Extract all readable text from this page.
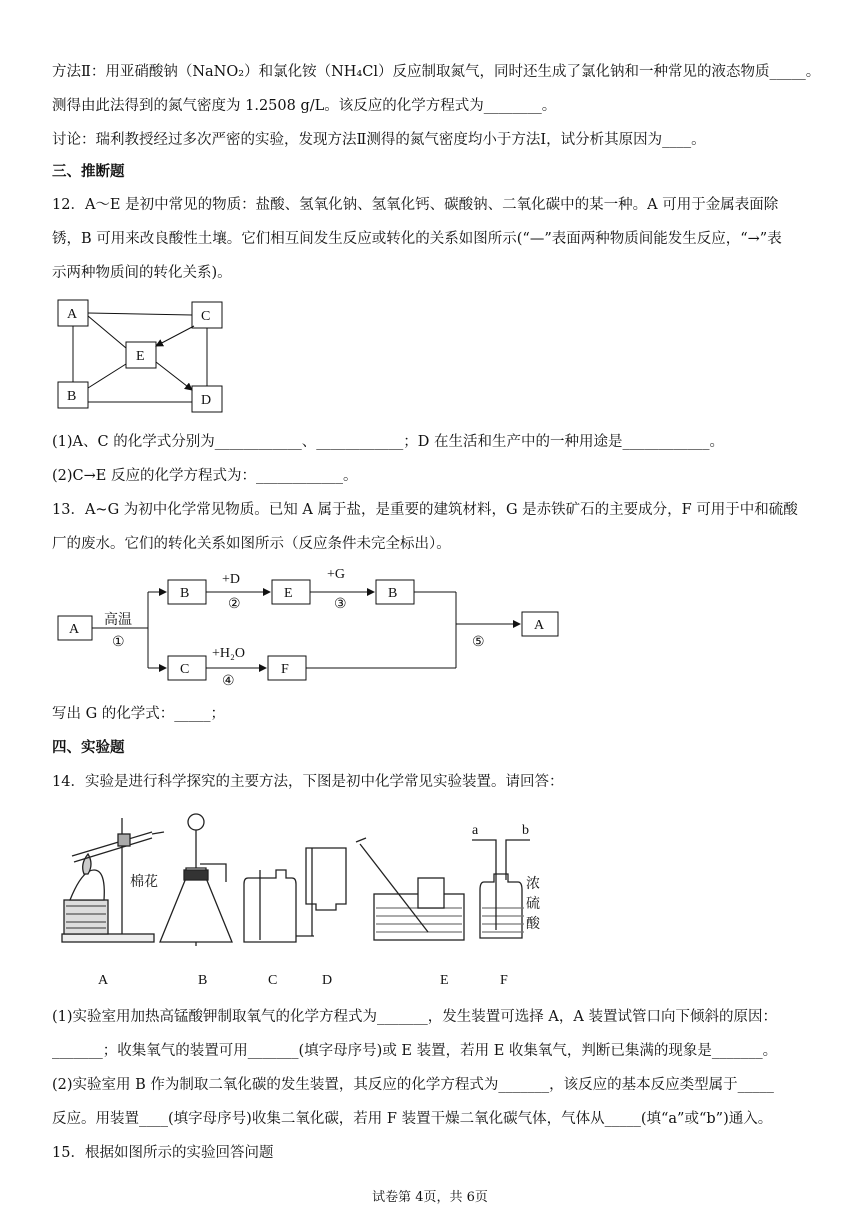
方法Ⅱ：用亚硝酸钠（NaNO₂）和氯化铵（NH₄Cl）反应制取氮气，同时还生成了氯化钠和一种常见的液态物质_____。
测得由此法得到的氮气密度为 1.2508 g/L。该反应的化学方程式为________。
讨论：瑞利教授经过多次严密的实验，发现方法Ⅱ测得的氮气密度均小于方法Ⅰ，试分析其原因为____。
三、推断题
12．A～E 是初中常见的物质：盐酸、氢氧化钠、氢氧化钙、碳酸钠、二氧化碳中的某一种。A 可用于金属表面除
锈，B 可用来改良酸性土壤。它们相互间发生反应或转化的关系如图所示(“—”表面两种物质间能发生反应，“→”表
示两种物质间的转化关系)。
A	C
E
B	D
(1)A、C 的化学式分别为____________、____________；D 在生活和生产中的一种用途是____________。
(2)C→E 反应的化学方程式为：____________。
13．A~G 为初中化学常见物质。已知 A 属于盐，是重要的建筑材料，G 是赤铁矿石的主要成分，F 可用于中和硫酸
厂的废水。它们的转化关系如图所示（反应条件未完全标出）。
A
B	E	B
A
C	F
高温
①
+D
②
+G
③
+H₂O
④
⑤
写出 G 的化学式：_____；
四、实验题
14．实验是进行科学探究的主要方法，下图是初中化学常见实验装置。请回答：
棉花
a	b
浓
硫
酸
A	B	C	D	E	F
(1)实验室用加热高锰酸钾制取氧气的化学方程式为_______，发生装置可选择 A，A 装置试管口向下倾斜的原因：
_______；收集氧气的装置可用_______(填字母序号)或 E 装置，若用 E 收集氧气，判断已集满的现象是_______。
(2)实验室用 B 作为制取二氧化碳的发生装置，其反应的化学方程式为_______，该反应的基本反应类型属于_____
反应。用装置____(填字母序号)收集二氧化碳，若用 F 装置干燥二氧化碳气体，气体从_____(填“a”或“b”)通入。
15．根据如图所示的实验回答问题
试卷第 4页，共 6页
